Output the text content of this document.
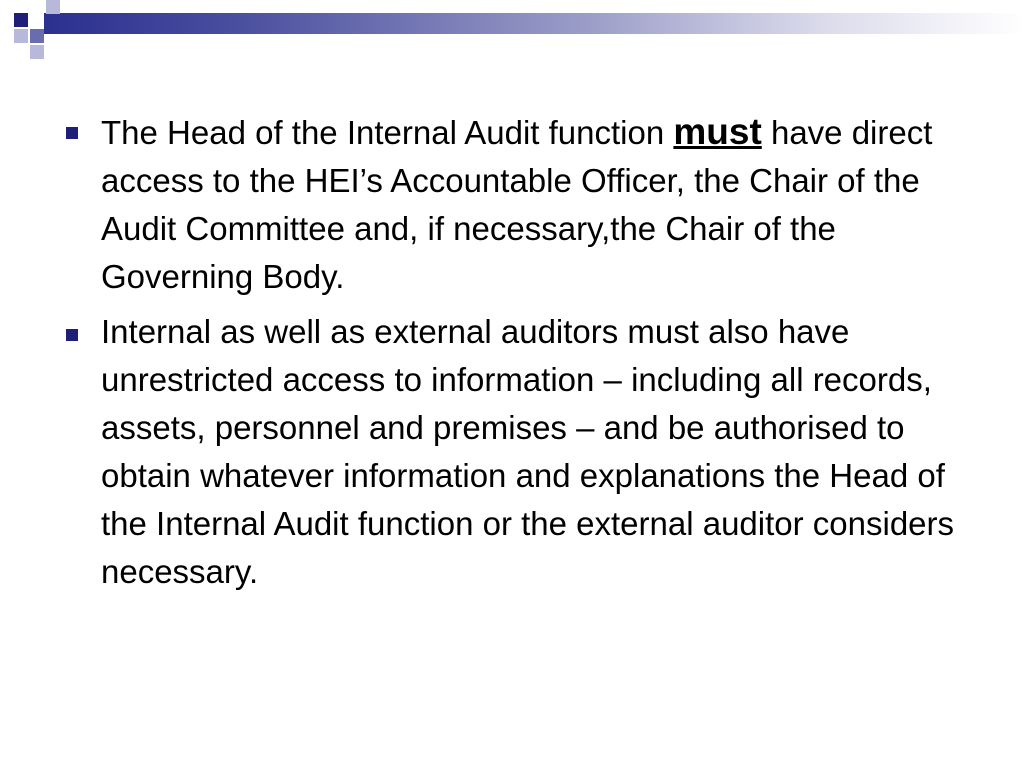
The Head of the Internal Audit function must have direct access to the HEI’s Accountable Officer, the Chair of the Audit Committee and, if necessary,the Chair of the Governing Body.
Internal as well as external auditors must also have unrestricted access to information – including all records, assets, personnel and premises – and be authorised to obtain whatever information and explanations the Head of the Internal Audit function or the external auditor considers necessary.
